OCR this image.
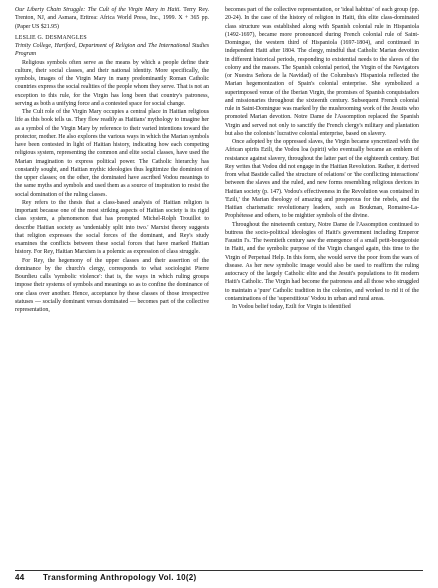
Our Liberty Chain Struggle: The Cult of the Virgin Mary in Haiti. Terry Rey. Trenton, NJ, and Asmara, Eritrea: Africa World Press, Inc., 1999. X + 365 pp. (Paper US $21.95)

LESLIE G. DESMANGLES

Trinity College, Hartford, Department of Religion and The International Studies Program

Religious symbols often serve as the means by which a people define their culture, their social classes, and their national identity. More specifically, the symbols, images of the Virgin Mary in many predominantly Roman Catholic countries express the social realities of the people whom they serve. That is not an exception to this rule, for the Virgin has long been that country's patroness, serving as both a unifying force and a contested space for social change.

The Cult role of the Virgin Mary occupies a central place in Haitian religious life as this book tells us. They flow readily as Haitians' mythology to imagine her as a symbol of the Virgin Mary by reference to their varied intentions toward the protector, mother. He also explores the various ways in which the Marian symbols have been contested in light of Haitian history, indicating how each competing religious system, representing the common and elite social classes, have used the Marian imagination to express political power. The Catholic hierarchy has constantly sought, and Haitian mythic ideologies thus legitimize the dominion of the upper classes; on the other, the dominated have ascribed Vodou meanings to the same myths and symbols and used them as a source of inspiration to resist the social domination of the ruling classes.

Rey refers to the thesis that a class-based analysis of Haitian religion is important because one of the most striking aspects of Haitian society is its rigid class system, a phenomenon that has prompted Michel-Rolph Trouillot to describe Haitian society as 'undeniably split into two.' Marxist theory suggests that religion expresses the social forces of the dominant, and Rey's study examines the conflicts between these social forces that have marked Haitian history. For Rey, Haitian Marxism is a polemic as expression of class struggle.

For Rey, the hegemony of the upper classes and their assertion of the dominance by the church's clergy, corresponds to what sociologist Pierre Bourdieu calls 'symbolic violence': that is, the ways in which ruling groups impose their systems of symbols and meanings so as to confine the dominance of one class over another. Hence, acceptance by these classes of those irrespective statuses — socially dominant versus dominated — becomes part of the collective representation,

becomes part of the collective representation, or 'ideal habitus' of each group (pp. 20-24). In the case of the history of religion in Haiti, this elite class-dominated class structure was established along with Spanish colonial rule in Hispaniola (1492-1697), became more pronounced during French colonial rule of Saint-Domingue, the western third of Hispaniola (1697-1804), and continued in independent Haiti after 1804. The clergy, mindful that Catholic Marian devotion in different historical periods, responding to existential needs to the slaves of the colony and the masses. The Spanish colonial period, the Virgin of the Navigators (or Nuestra Señora de la Navidad) of the Columbus's Hispaniola reflected the Marian hegemonization of Spain's colonial enterprise. She symbolized a superimposed venue of the Iberian Virgin, the promises of Spanish conquistadors and missionaries throughout the sixteenth century. Subsequent French colonial rule in Saint-Domingue was marked by the mushrooming work of the Jesuits who promoted Marian devotion. Notre Dame de l'Assomption replaced the Spanish Virgin and served not only to sanctify the French clergy's military and plantation but also the colonists' lucrative colonial enterprise, based on slavery.

Once adopted by the oppressed slaves, the Virgin became syncretized with the African spirits Ezili, the Vodou loa (spirit) who eventually became an emblem of resistance against slavery, throughout the latter part of the eighteenth century. But Rey writes that Vodou did not engage in the Haitian Revolution. Rather, it derived from what Bastide called 'the structure of relations' or 'the conflicting interactions' between the slaves and the ruled, and new forms resembling religious devices in Haitian society (p. 147). Vodou's effectiveness in the Revolution was contained in 'Ezili,' the Marian theology of amazing and prosperous for the rebels, and the Haitian charismatic revolutionary leaders, such as Boukman, Romaine-La-Prophétesse and others, to be mightier symbols of the divine.

Throughout the nineteenth century, Notre Dame de l'Assomption continued to buttress the socio-political ideologies of Haiti's government including Emperor Faustin I's. The twentieth century saw the emergence of a small petit-bourgeoisie in Haiti, and the symbolic purpose of the Virgin changed again, this time to the Virgin of Perpetual Help. In this form, she would serve the poor from the wars of disease. As her new symbolic image would also be used to reaffirm the ruling autocracy of the largely Catholic elite and the Jesuit's populations to fit modern Haiti's Catholic. The Virgin had become the patroness and all those who struggled to maintain a 'pure' Catholic tradition in the colonies, and worked to rid it of the contaminations of the 'superstitious' Vodou in urban and rural areas.

In Vodou belief today, Ezili for Virgin is identified

44 Transforming Anthropology Vol. 10(2)
